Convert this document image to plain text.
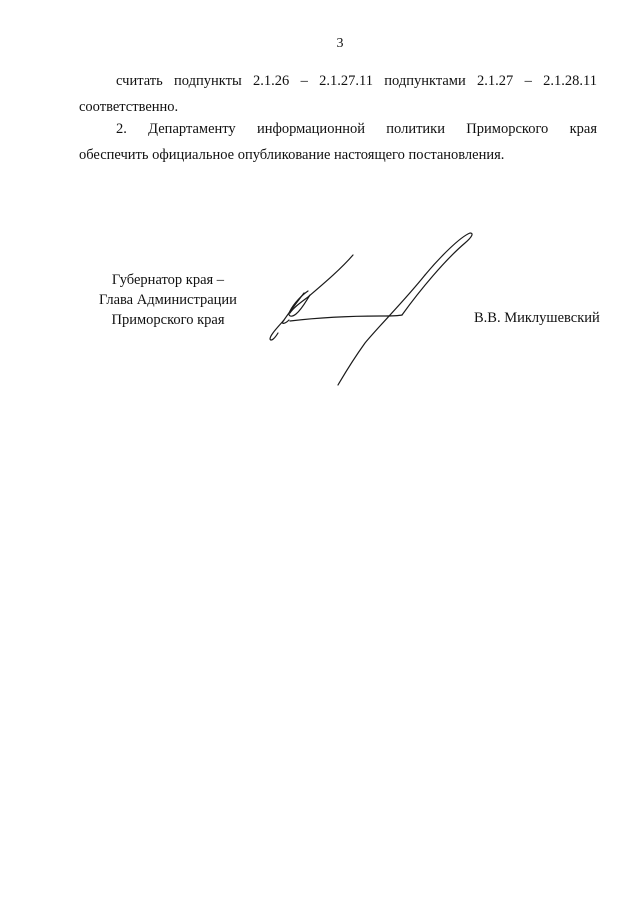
3
считать подпункты 2.1.26 – 2.1.27.11 подпунктами 2.1.27 – 2.1.28.11
соответственно.
2. Департаменту информационной политики Приморского края
обеспечить официальное опубликование настоящего постановления.
Губернатор края –
Глава Администрации
Приморского края	В.В. Миклушевский
